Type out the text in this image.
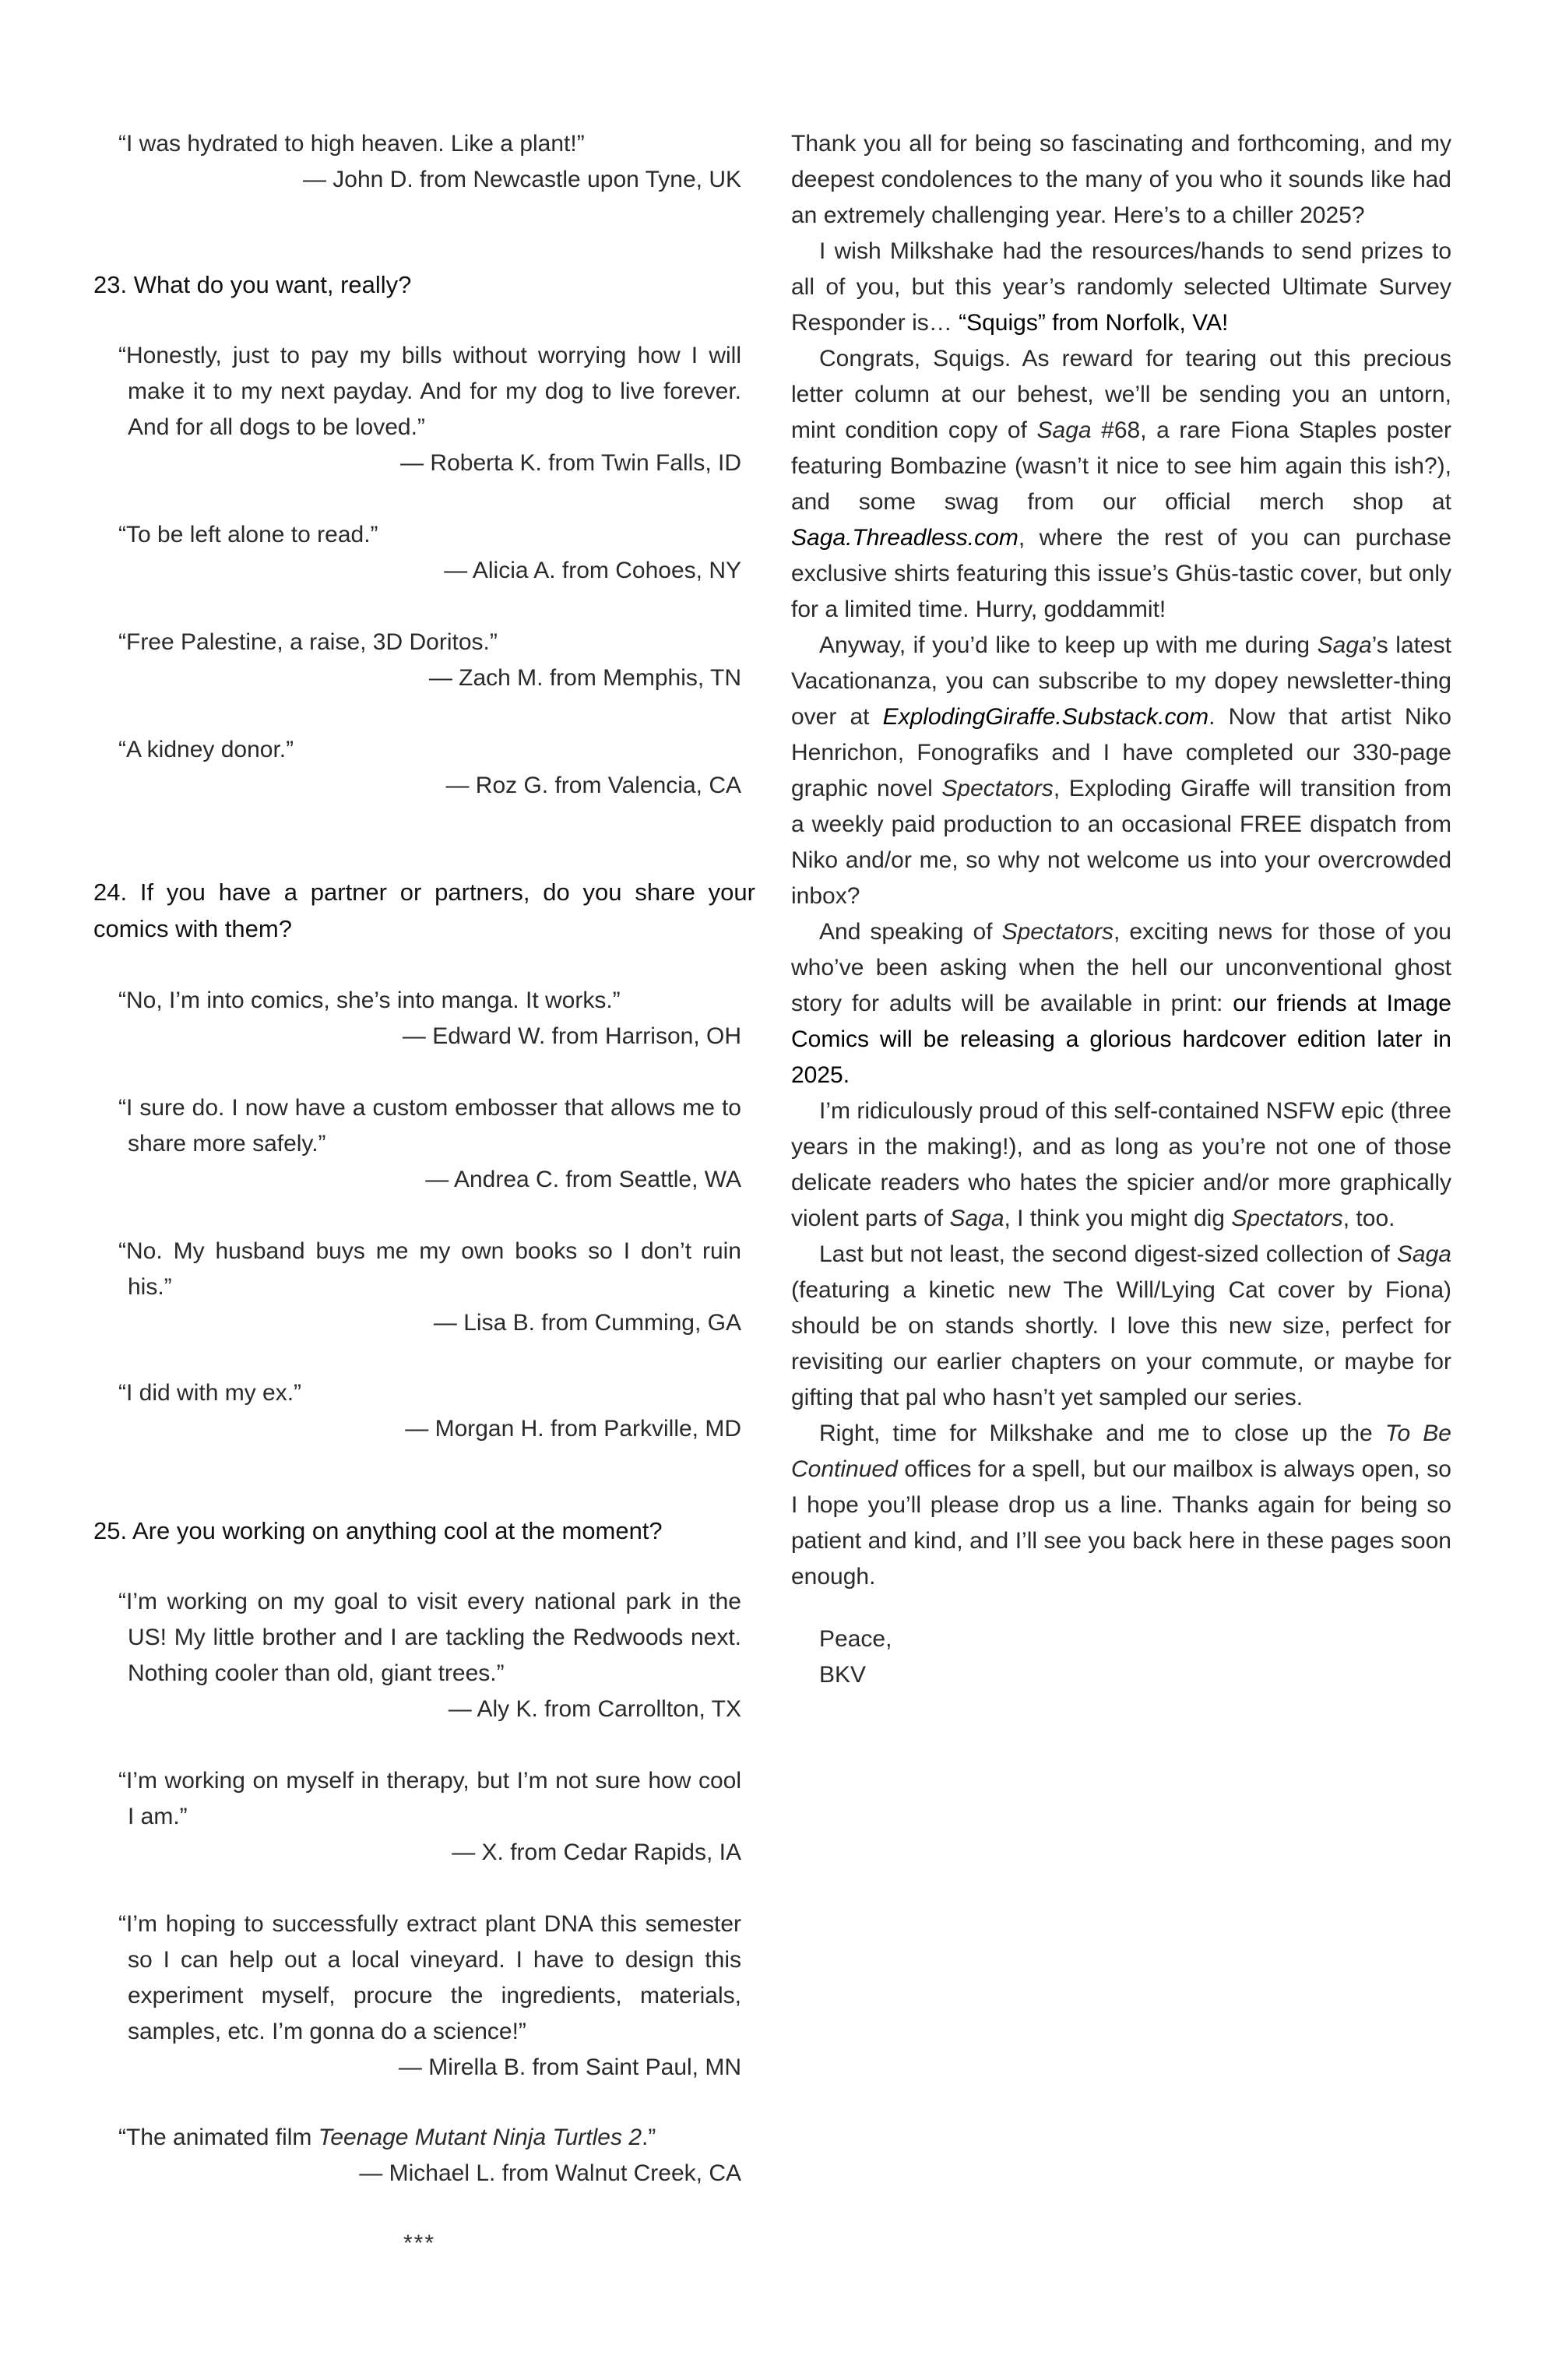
“I was hydrated to high heaven. Like a plant!”
— John D. from Newcastle upon Tyne, UK
23. What do you want, really?
“Honestly, just to pay my bills without worrying how I will make it to my next payday. And for my dog to live forever. And for all dogs to be loved.”
— Roberta K. from Twin Falls, ID
“To be left alone to read.”
— Alicia A. from Cohoes, NY
“Free Palestine, a raise, 3D Doritos.”
— Zach M. from Memphis, TN
“A kidney donor.”
— Roz G. from Valencia, CA
24. If you have a partner or partners, do you share your comics with them?
“No, I’m into comics, she’s into manga. It works.”
— Edward W. from Harrison, OH
“I sure do. I now have a custom embosser that allows me to share more safely.”
— Andrea C. from Seattle, WA
“No. My husband buys me my own books so I don’t ruin his.”
— Lisa B. from Cumming, GA
“I did with my ex.”
— Morgan H. from Parkville, MD
25. Are you working on anything cool at the moment?
“I’m working on my goal to visit every national park in the US! My little brother and I are tackling the Redwoods next. Nothing cooler than old, giant trees.”
— Aly K. from Carrollton, TX
“I’m working on myself in therapy, but I’m not sure how cool I am.”
— X. from Cedar Rapids, IA
“I’m hoping to successfully extract plant DNA this semester so I can help out a local vineyard. I have to design this experiment myself, procure the ingredients, materials, samples, etc. I’m gonna do a science!”
— Mirella B. from Saint Paul, MN
“The animated film Teenage Mutant Ninja Turtles 2.”
— Michael L. from Walnut Creek, CA
***

Thank you all for being so fascinating and forthcoming, and my deepest condolences to the many of you who it sounds like had an extremely challenging year. Here’s to a chiller 2025?

I wish Milkshake had the resources/hands to send prizes to all of you, but this year’s randomly selected Ultimate Survey Responder is… “Squigs” from Norfolk, VA!

Congrats, Squigs. As reward for tearing out this precious letter column at our behest, we’ll be sending you an untorn, mint condition copy of Saga #68, a rare Fiona Staples poster featuring Bombazine (wasn’t it nice to see him again this ish?), and some swag from our official merch shop at Saga.Threadless.com, where the rest of you can purchase exclusive shirts featuring this issue’s Ghüs-tastic cover, but only for a limited time. Hurry, goddammit!

Anyway, if you’d like to keep up with me during Saga’s latest Vacationanza, you can subscribe to my dopey newsletter-thing over at ExplodingGiraffe.Substack.com. Now that artist Niko Henrichon, Fonografiks and I have completed our 330-page graphic novel Spectators, Exploding Giraffe will transition from a weekly paid production to an occasional FREE dispatch from Niko and/or me, so why not welcome us into your overcrowded inbox?

And speaking of Spectators, exciting news for those of you who’ve been asking when the hell our unconventional ghost story for adults will be available in print: our friends at Image Comics will be releasing a glorious hardcover edition later in 2025.

I’m ridiculously proud of this self-contained NSFW epic (three years in the making!), and as long as you’re not one of those delicate readers who hates the spicier and/or more graphically violent parts of Saga, I think you might dig Spectators, too.

Last but not least, the second digest-sized collection of Saga (featuring a kinetic new The Will/Lying Cat cover by Fiona) should be on stands shortly. I love this new size, perfect for revisiting our earlier chapters on your commute, or maybe for gifting that pal who hasn’t yet sampled our series.

Right, time for Milkshake and me to close up the To Be Continued offices for a spell, but our mailbox is always open, so I hope you’ll please drop us a line. Thanks again for being so patient and kind, and I’ll see you back here in these pages soon enough.

Peace,

BKV
